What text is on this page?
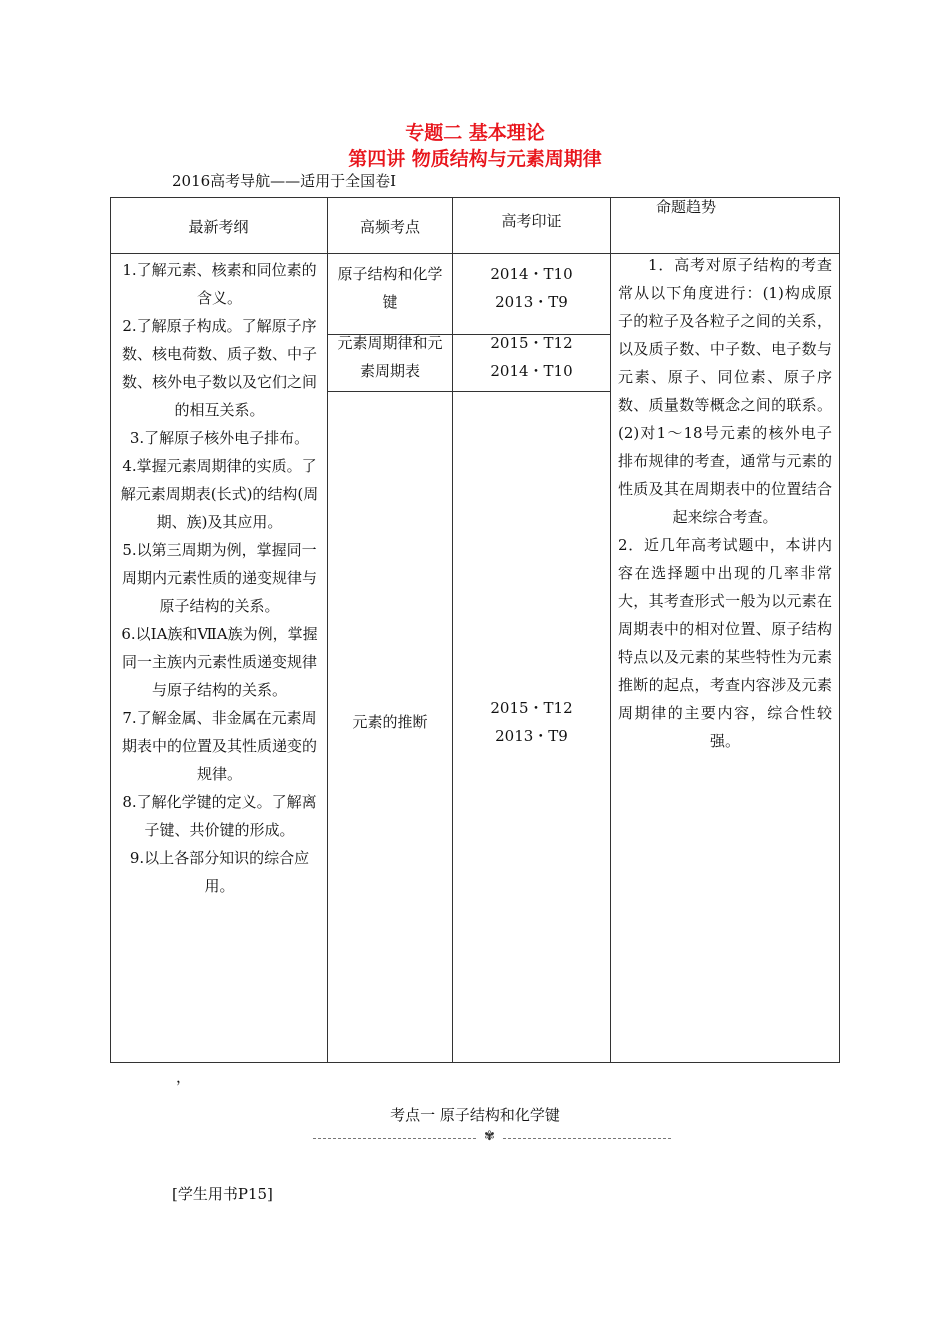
专题二 基本理论
第四讲 物质结构与元素周期律
2016高考导航——适用于全国卷Ⅰ
最新考纲	高频考点	高考印证
命题趋势

1.了解元素、核素和同位素的含义。

2.了解原子构成。了解原子序数、核电荷数、质子数、中子数、核外电子数以及它们之间的相互关系。

3.了解原子核外电子排布。

4.掌握元素周期律的实质。了解元素周期表(长式)的结构(周期、族)及其应用。

5.以第三周期为例，掌握同一周期内元素性质的递变规律与原子结构的关系。

6.以ⅠA族和ⅦA族为例，掌握同一主族内元素性质递变规律与原子结构的关系。

7.了解金属、非金属在元素周期表中的位置及其性质递变的规律。

8.了解化学键的定义。了解离子键、共价键的形成。

9.以上各部分知识的综合应用。

原子结构和化学键

2014・T10

2013・T9

元素周期律和元素周期表

2015・T12

2014・T10

元素的推断

2015・T12

2013・T9

1．高考对原子结构的考查常从以下角度进行：(1)构成原子的粒子及各粒子之间的关系，以及质子数、中子数、电子数与元素、原子、同位素、原子序数、质量数等概念之间的联系。(2)对1～18号元素的核外电子排布规律的考查，通常与元素的性质及其在周期表中的位置结合起来综合考查。

2．近几年高考试题中，本讲内容在选择题中出现的几率非常大，其考查形式一般为以元素在周期表中的相对位置、原子结构特点以及元素的某些特性为元素推断的起点，考查内容涉及元素周期律的主要内容，综合性较强。

，
考点一 原子结构和化学键
✾
[学生用书P15]
